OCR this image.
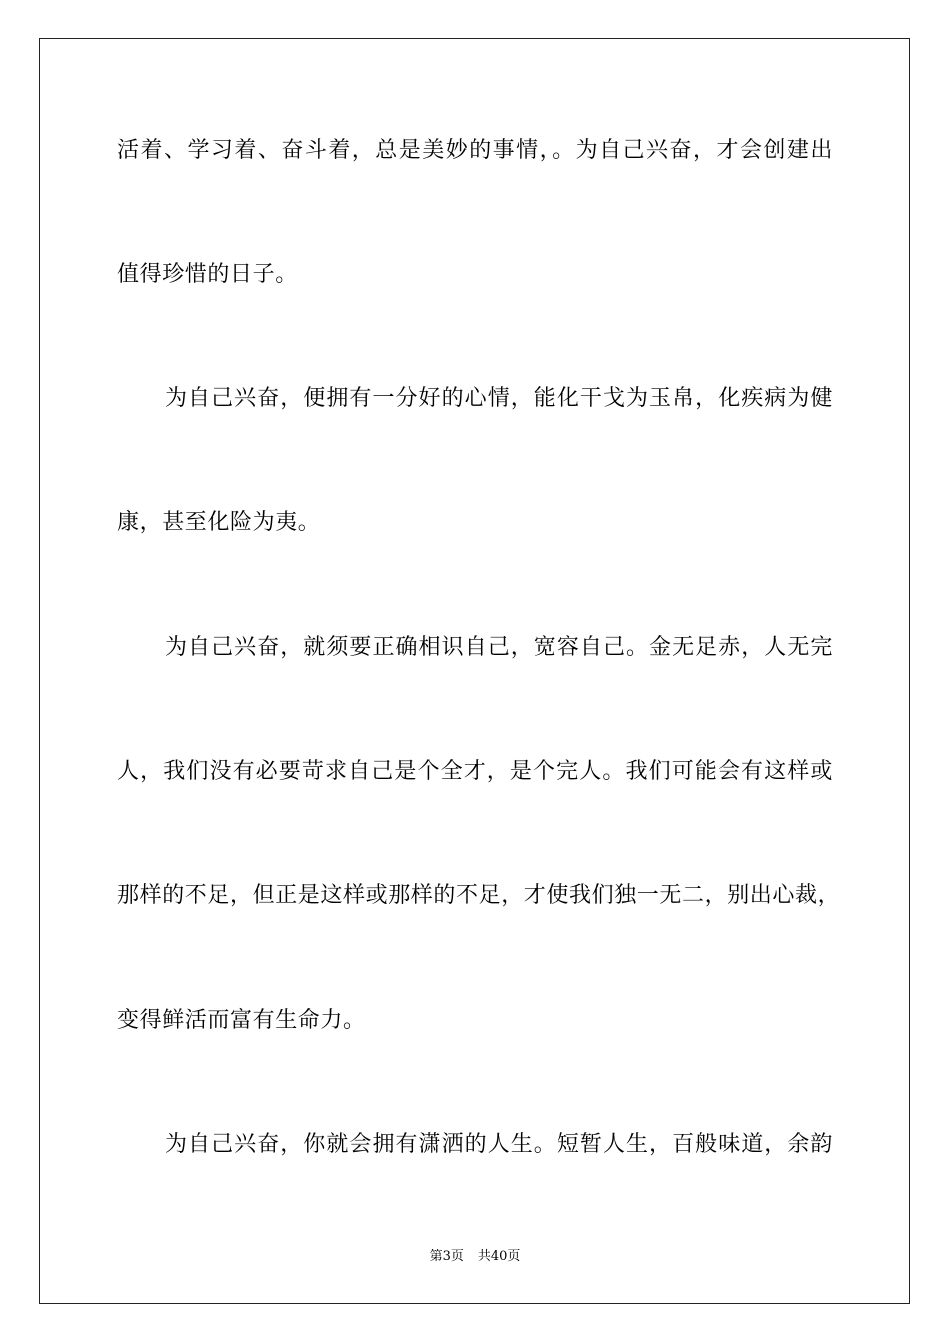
活着、学习着、奋斗着，总是美妙的事情，。为自己兴奋，才会创建出
值得珍惜的日子。
为自己兴奋，便拥有一分好的心情，能化干戈为玉帛，化疾病为健
康，甚至化险为夷。
为自己兴奋，就须要正确相识自己，宽容自己。金无足赤，人无完
人，我们没有必要苛求自己是个全才，是个完人。我们可能会有这样或
那样的不足，但正是这样或那样的不足，才使我们独一无二，别出心裁，
变得鲜活而富有生命力。
为自己兴奋，你就会拥有潇洒的人生。短暂人生，百般味道，余韵
第3页 共40页
